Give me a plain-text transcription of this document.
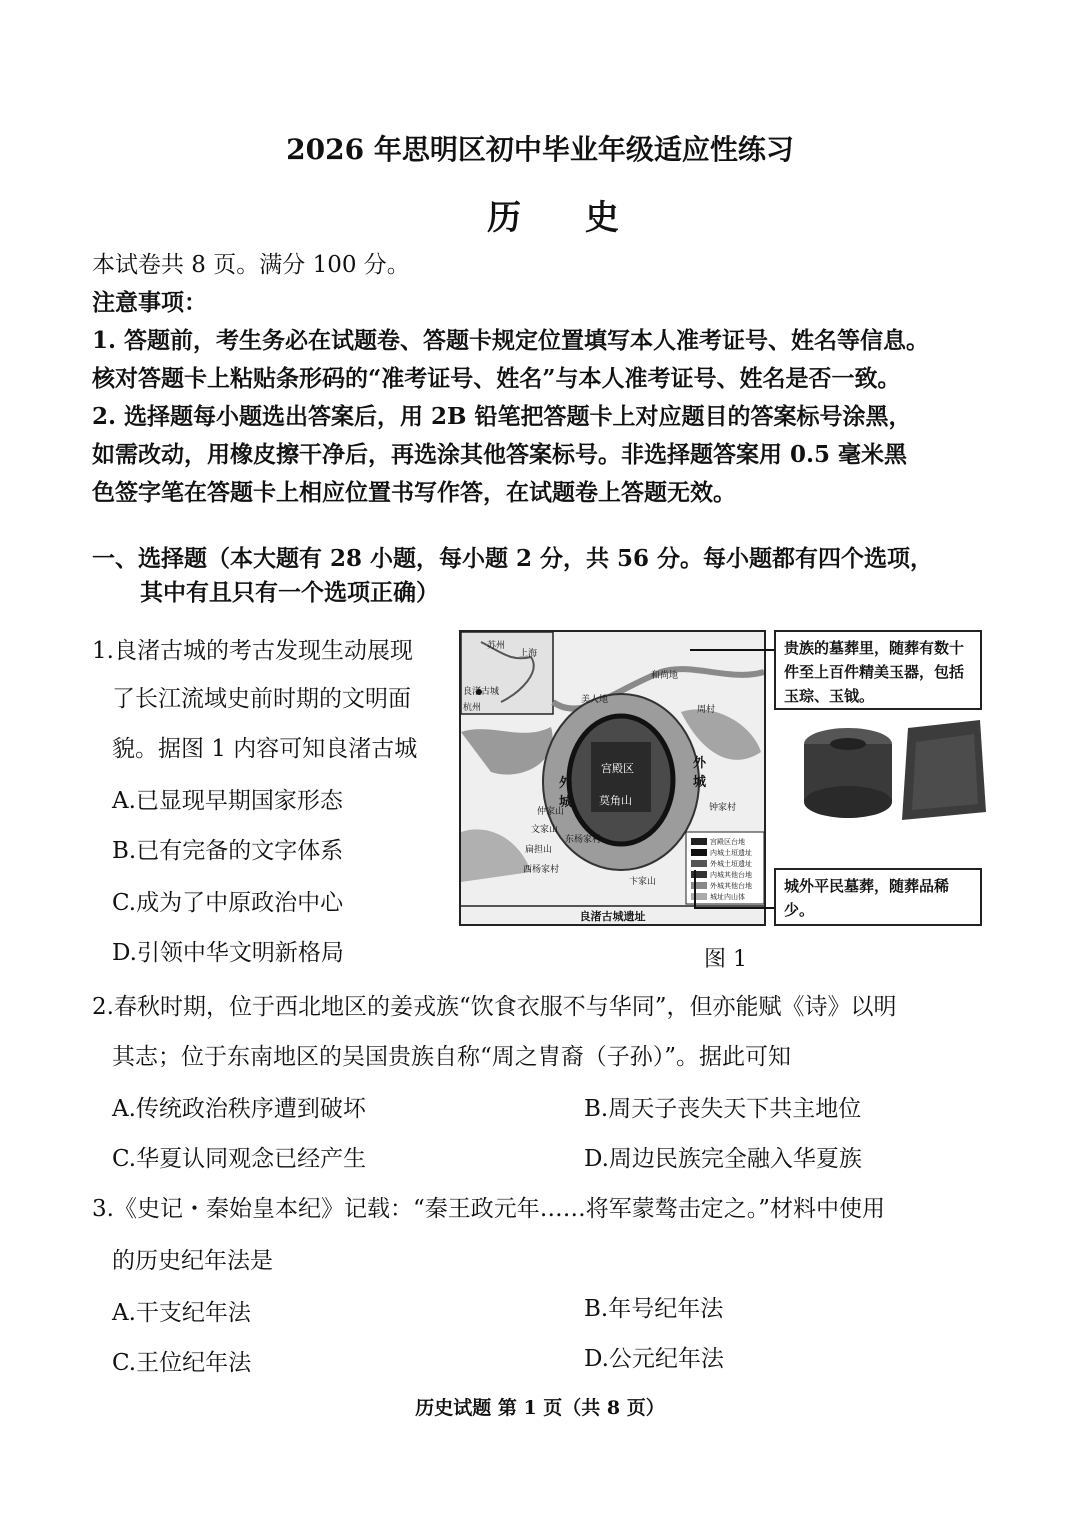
2026 年思明区初中毕业年级适应性练习
历 史
本试卷共 8 页。满分 100 分。
注意事项：
1. 答题前，考生务必在试题卷、答题卡规定位置填写本人准考证号、姓名等信息。
核对答题卡上粘贴条形码的“准考证号、姓名”与本人准考证号、姓名是否一致。
2. 选择题每小题选出答案后，用 2B 铅笔把答题卡上对应题目的答案标号涂黑，
如需改动，用橡皮擦干净后，再选涂其他答案标号。非选择题答案用 0.5 毫米黑
色签字笔在答题卡上相应位置书写作答，在试题卷上答题无效。
一、选择题（本大题有 28 小题，每小题 2 分，共 56 分。每小题都有四个选项，
其中有且只有一个选项正确）
1.良渚古城的考古发现生动展现
了长江流域史前时期的文明面
貌。据图 1 内容可知良渚古城
A.已显现早期国家形态
B.已有完备的文字体系
C.成为了中原政治中心
D.引领中华文明新格局
苏州
上海
良渚古城
杭州
外城
外城
宫殿区
莫角山
和尚地
周村
钟家村
文家山
卞家山
美人地
扁担山
仲家山
东杨家村
西杨家村
宫殿区台地
内城土垣遗址
外城土垣遗址
内城其他台地
外城其他台地
城址内山体
良渚古城遗址
贵族的墓葬里，随葬有数十件至上百件精美玉器，包括玉琮、玉钺。
城外平民墓葬，随葬品稀少。
图 1
2.春秋时期，位于西北地区的姜戎族“饮食衣服不与华同”，但亦能赋《诗》以明
其志；位于东南地区的吴国贵族自称“周之胄裔（子孙）”。据此可知
A.传统政治秩序遭到破坏	B.周天子丧失天下共主地位
C.华夏认同观念已经产生	D.周边民族完全融入华夏族
3.《史记・秦始皇本纪》记载：“秦王政元年……将军蒙骜击定之。”材料中使用
的历史纪年法是
A.干支纪年法	B.年号纪年法
C.王位纪年法	D.公元纪年法
历史试题 第 1 页（共 8 页）
